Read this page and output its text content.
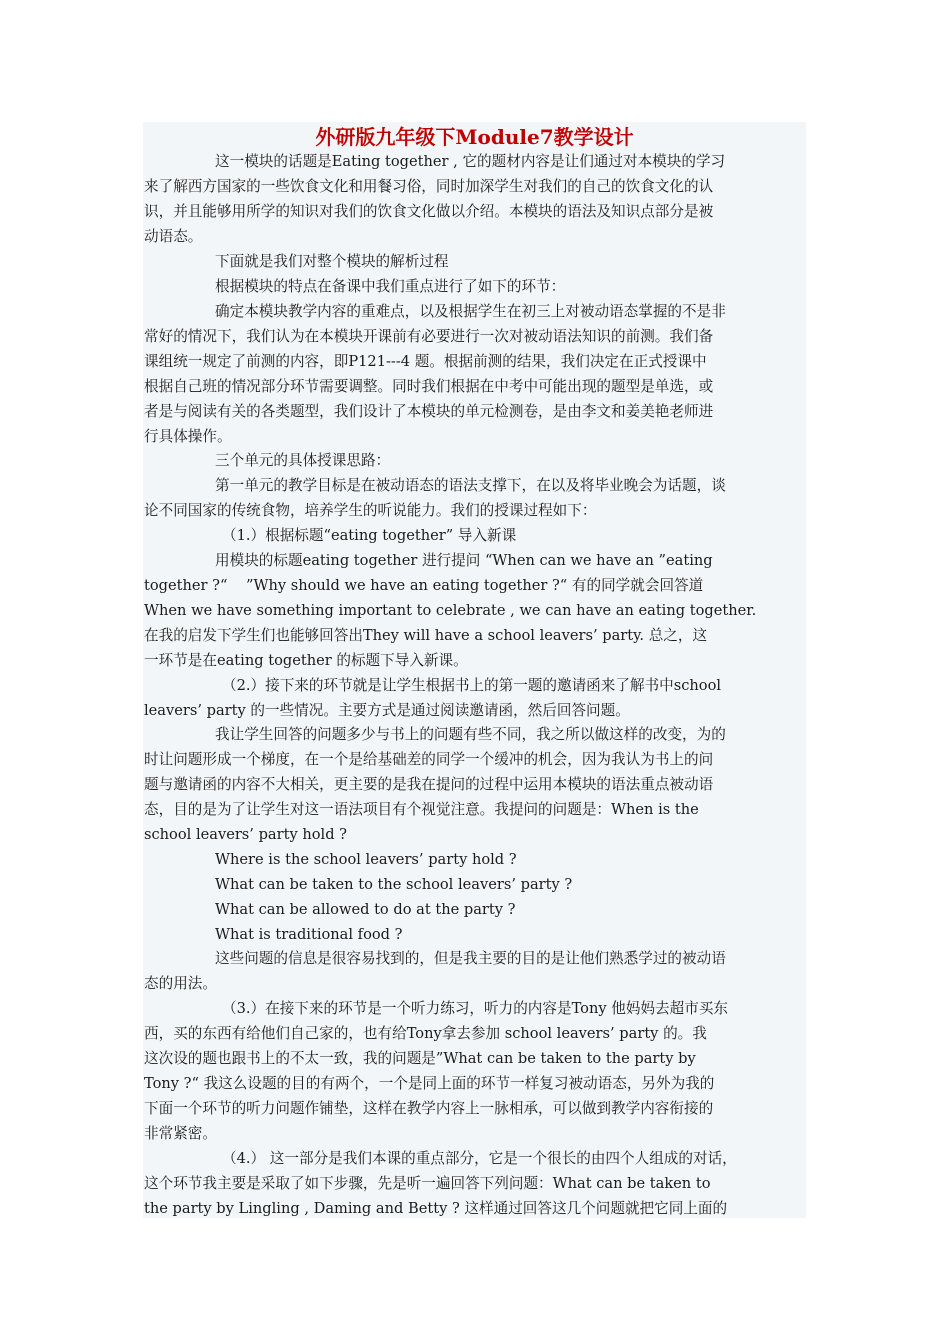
外研版九年级下Module7教学设计
这一模块的话题是Eating together , 它的题材内容是让们通过对本模块的学习
来了解西方国家的一些饮食文化和用餐习俗，同时加深学生对我们的自己的饮食文化的认
识，并且能够用所学的知识对我们的饮食文化做以介绍。本模块的语法及知识点部分是被
动语态。
下面就是我们对整个模块的解析过程
根据模块的特点在备课中我们重点进行了如下的环节：
确定本模块教学内容的重难点，以及根据学生在初三上对被动语态掌握的不是非
常好的情况下，我们认为在本模块开课前有必要进行一次对被动语法知识的前测。我们备
课组统一规定了前测的内容，即P121---4 题。根据前测的结果，我们决定在正式授课中
根据自己班的情况部分环节需要调整。同时我们根据在中考中可能出现的题型是单选，或
者是与阅读有关的各类题型，我们设计了本模块的单元检测卷，是由李文和姜美艳老师进
行具体操作。
三个单元的具体授课思路：
第一单元的教学目标是在被动语态的语法支撑下，在以及将毕业晚会为话题，谈
论不同国家的传统食物，培养学生的听说能力。我们的授课过程如下：
（1.）根据标题“eating together” 导入新课
用模块的标题eating together 进行提问 “When can we have an ”eating
together ?“    ”Why should we have an eating together ?“ 有的同学就会回答道
When we have something important to celebrate , we can have an eating together.
在我的启发下学生们也能够回答出They will have a school leavers’ party. 总之，这
一环节是在eating together 的标题下导入新课。
（2.）接下来的环节就是让学生根据书上的第一题的邀请函来了解书中school
leavers’ party 的一些情况。主要方式是通过阅读邀请函，然后回答问题。
我让学生回答的问题多少与书上的问题有些不同，我之所以做这样的改变，为的
时让问题形成一个梯度，在一个是给基础差的同学一个缓冲的机会，因为我认为书上的问
题与邀请函的内容不大相关，更主要的是我在提问的过程中运用本模块的语法重点被动语
态，目的是为了让学生对这一语法项目有个视觉注意。我提问的问题是：When is the
school leavers’ party hold ?
Where is the school leavers’ party hold ?
What can be taken to the school leavers’ party ?
What can be allowed to do at the party ?
What is traditional food ?
这些问题的信息是很容易找到的，但是我主要的目的是让他们熟悉学过的被动语
态的用法。
（3.）在接下来的环节是一个听力练习，听力的内容是Tony 他妈妈去超市买东
西，买的东西有给他们自己家的，也有给Tony拿去参加 school leavers’ party 的。我
这次设的题也跟书上的不太一致，我的问题是”What can be taken to the party by
Tony ?“ 我这么设题的目的有两个，一个是同上面的环节一样复习被动语态，另外为我的
下面一个环节的听力问题作铺垫，这样在教学内容上一脉相承，可以做到教学内容衔接的
非常紧密。
（4.） 这一部分是我们本课的重点部分，它是一个很长的由四个人组成的对话，
这个环节我主要是采取了如下步骤，先是听一遍回答下列问题：What can be taken to
the party by Lingling , Daming and Betty ? 这样通过回答这几个问题就把它同上面的
